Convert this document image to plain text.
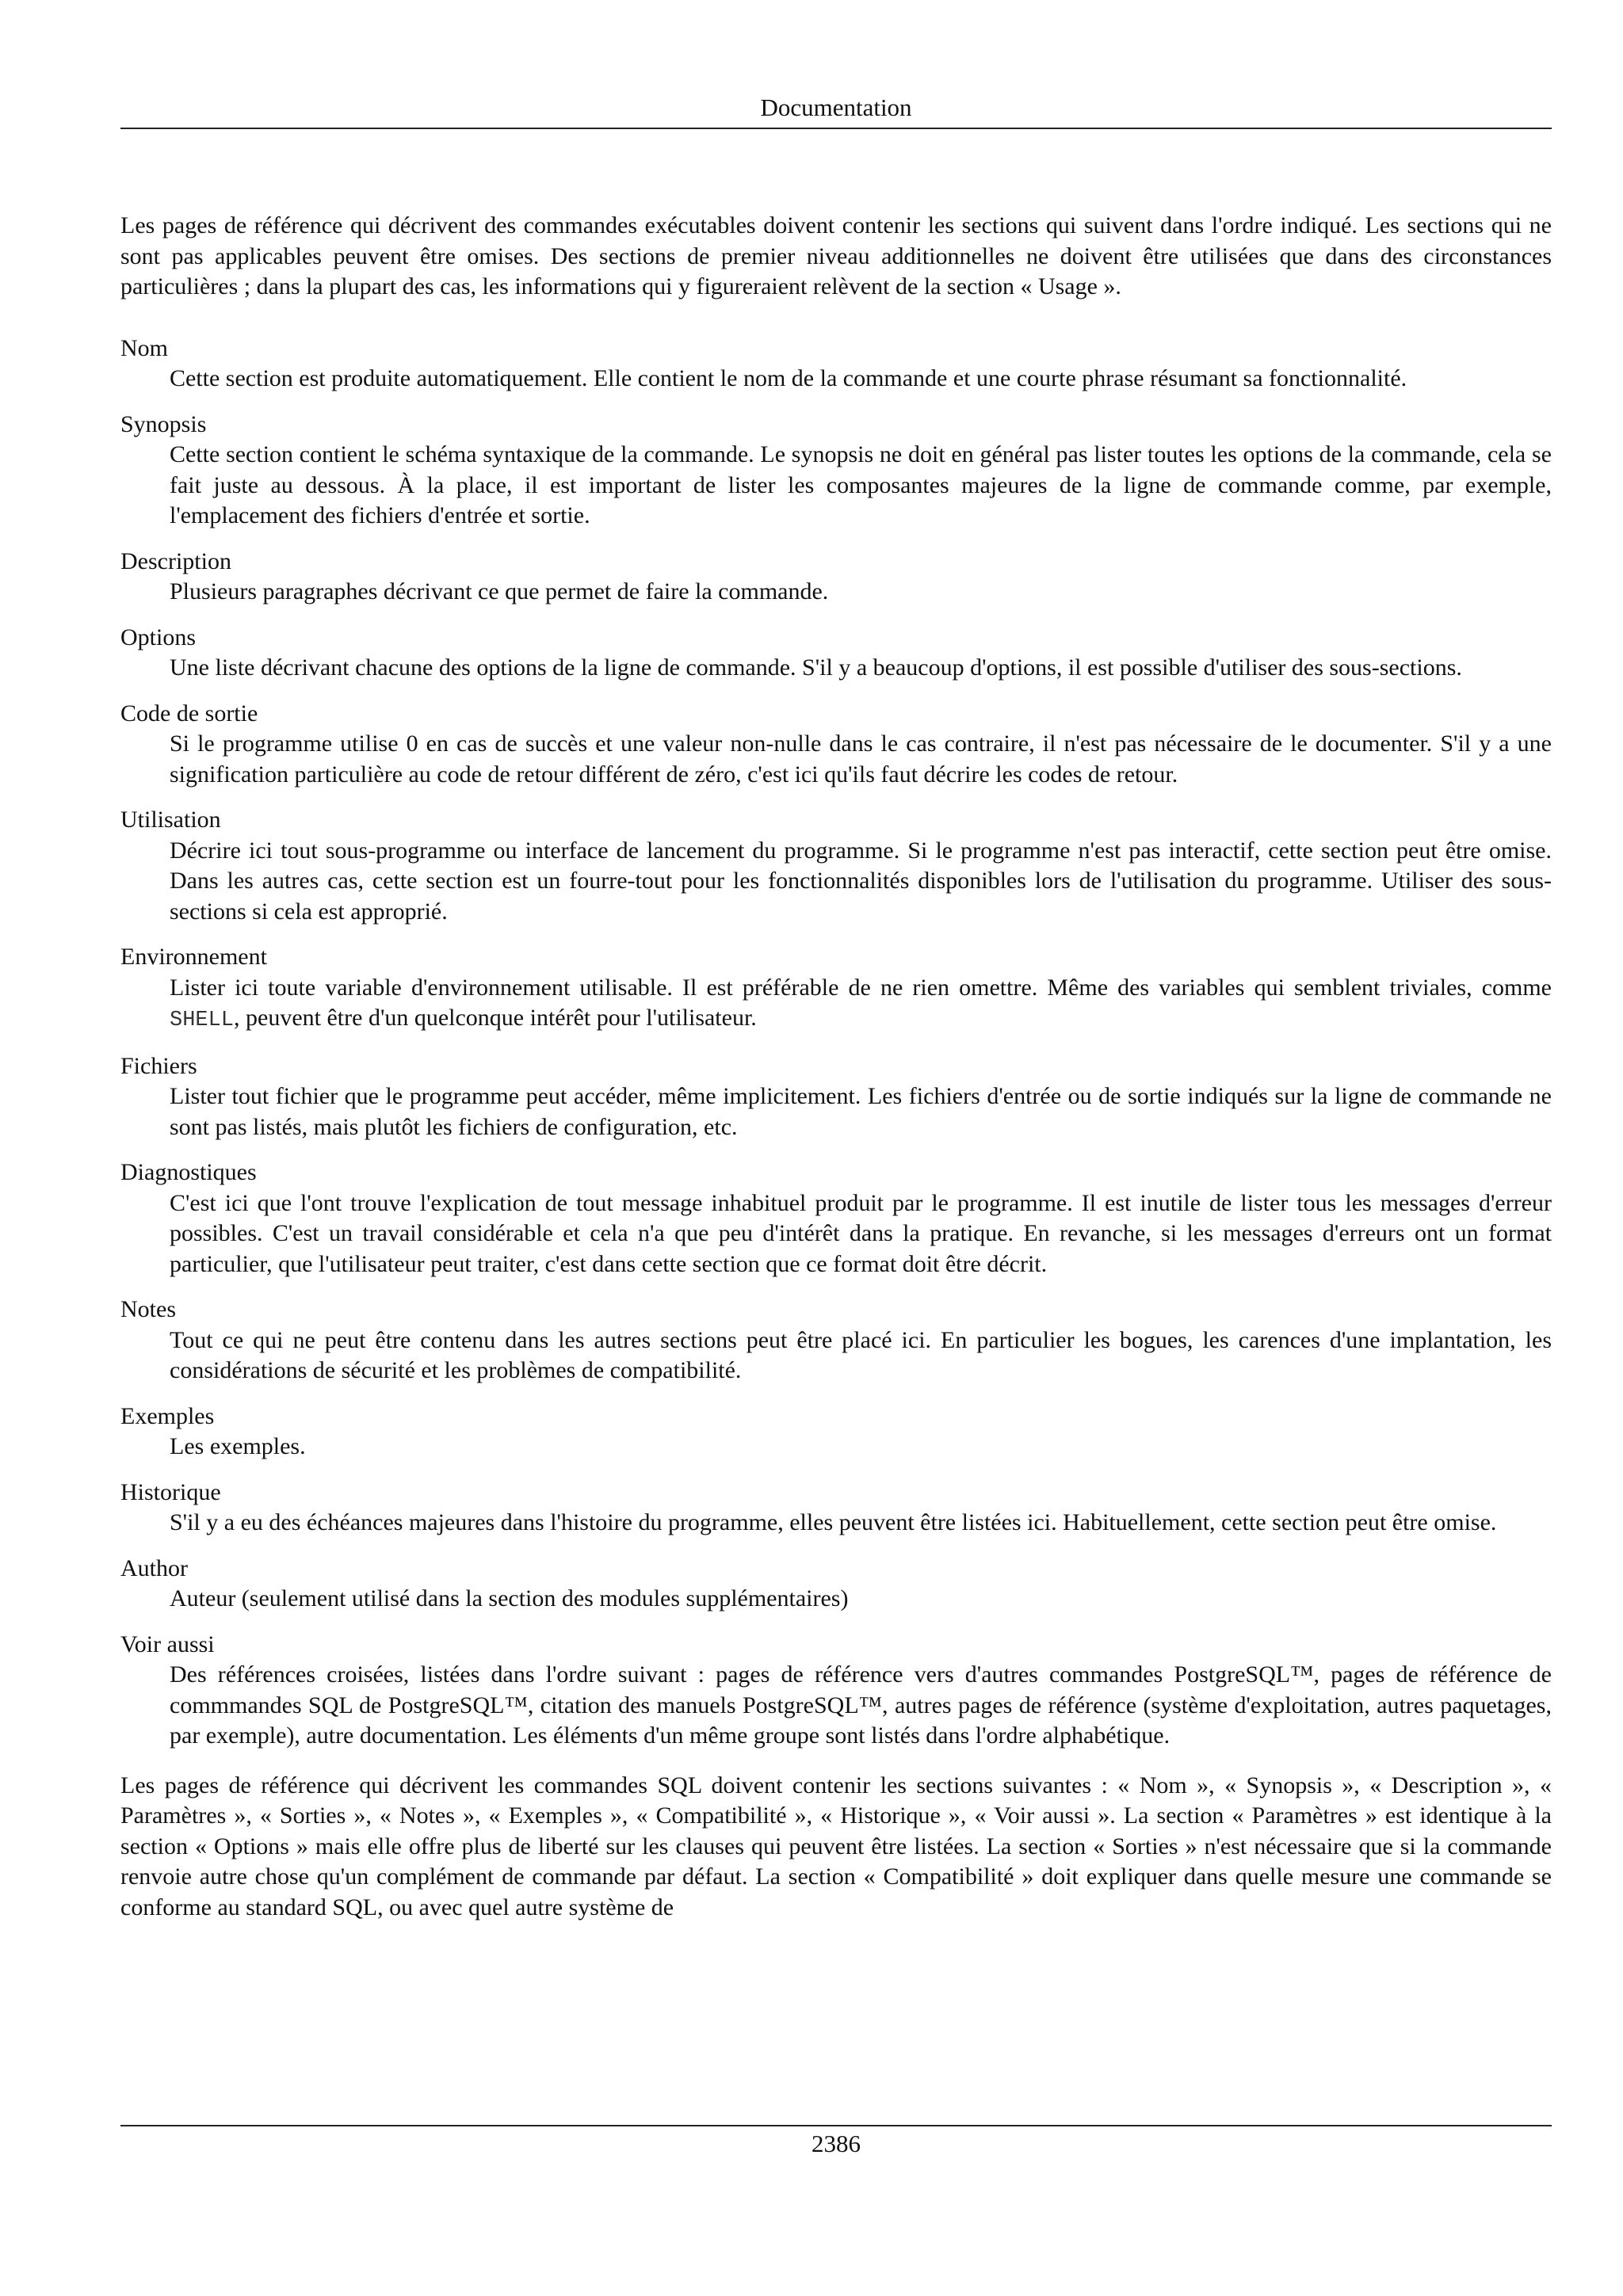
Documentation

Les pages de référence qui décrivent des commandes exécutables doivent contenir les sections qui suivent dans l'ordre indiqué. Les sections qui ne sont pas applicables peuvent être omises. Des sections de premier niveau additionnelles ne doivent être utilisées que dans des circonstances particulières ; dans la plupart des cas, les informations qui y figureraient relèvent de la section « Usage ».

Nom
Cette section est produite automatiquement. Elle contient le nom de la commande et une courte phrase résumant sa fonctionnalité.
Synopsis
Cette section contient le schéma syntaxique de la commande. Le synopsis ne doit en général pas lister toutes les options de la commande, cela se fait juste au dessous. À la place, il est important de lister les composantes majeures de la ligne de commande comme, par exemple, l'emplacement des fichiers d'entrée et sortie.
Description
Plusieurs paragraphes décrivant ce que permet de faire la commande.
Options
Une liste décrivant chacune des options de la ligne de commande. S'il y a beaucoup d'options, il est possible d'utiliser des sous-sections.
Code de sortie
Si le programme utilise 0 en cas de succès et une valeur non-nulle dans le cas contraire, il n'est pas nécessaire de le documenter. S'il y a une signification particulière au code de retour différent de zéro, c'est ici qu'ils faut décrire les codes de retour.
Utilisation
Décrire ici tout sous-programme ou interface de lancement du programme. Si le programme n'est pas interactif, cette section peut être omise. Dans les autres cas, cette section est un fourre-tout pour les fonctionnalités disponibles lors de l'utilisation du programme. Utiliser des sous-sections si cela est approprié.
Environnement
Lister ici toute variable d'environnement utilisable. Il est préférable de ne rien omettre. Même des variables qui semblent triviales, comme SHELL, peuvent être d'un quelconque intérêt pour l'utilisateur.
Fichiers
Lister tout fichier que le programme peut accéder, même implicitement. Les fichiers d'entrée ou de sortie indiqués sur la ligne de commande ne sont pas listés, mais plutôt les fichiers de configuration, etc.
Diagnostiques
C'est ici que l'ont trouve l'explication de tout message inhabituel produit par le programme. Il est inutile de lister tous les messages d'erreur possibles. C'est un travail considérable et cela n'a que peu d'intérêt dans la pratique. En revanche, si les messages d'erreurs ont un format particulier, que l'utilisateur peut traiter, c'est dans cette section que ce format doit être décrit.
Notes
Tout ce qui ne peut être contenu dans les autres sections peut être placé ici. En particulier les bogues, les carences d'une implantation, les considérations de sécurité et les problèmes de compatibilité.
Exemples
Les exemples.
Historique
S'il y a eu des échéances majeures dans l'histoire du programme, elles peuvent être listées ici. Habituellement, cette section peut être omise.
Author
Auteur (seulement utilisé dans la section des modules supplémentaires)
Voir aussi
Des références croisées, listées dans l'ordre suivant : pages de référence vers d'autres commandes PostgreSQL™, pages de référence de commmandes SQL de PostgreSQL™, citation des manuels PostgreSQL™, autres pages de référence (système d'exploitation, autres paquetages, par exemple), autre documentation. Les éléments d'un même groupe sont listés dans l'ordre alphabétique.

Les pages de référence qui décrivent les commandes SQL doivent contenir les sections suivantes : « Nom », « Synopsis », « Description », « Paramètres », « Sorties », « Notes », « Exemples », « Compatibilité », « Historique », « Voir aussi ». La section « Paramètres » est identique à la section « Options » mais elle offre plus de liberté sur les clauses qui peuvent être listées. La section « Sorties » n'est nécessaire que si la commande renvoie autre chose qu'un complément de commande par défaut. La section « Compatibilité » doit expliquer dans quelle mesure une commande se conforme au standard SQL, ou avec quel autre système de

2386
